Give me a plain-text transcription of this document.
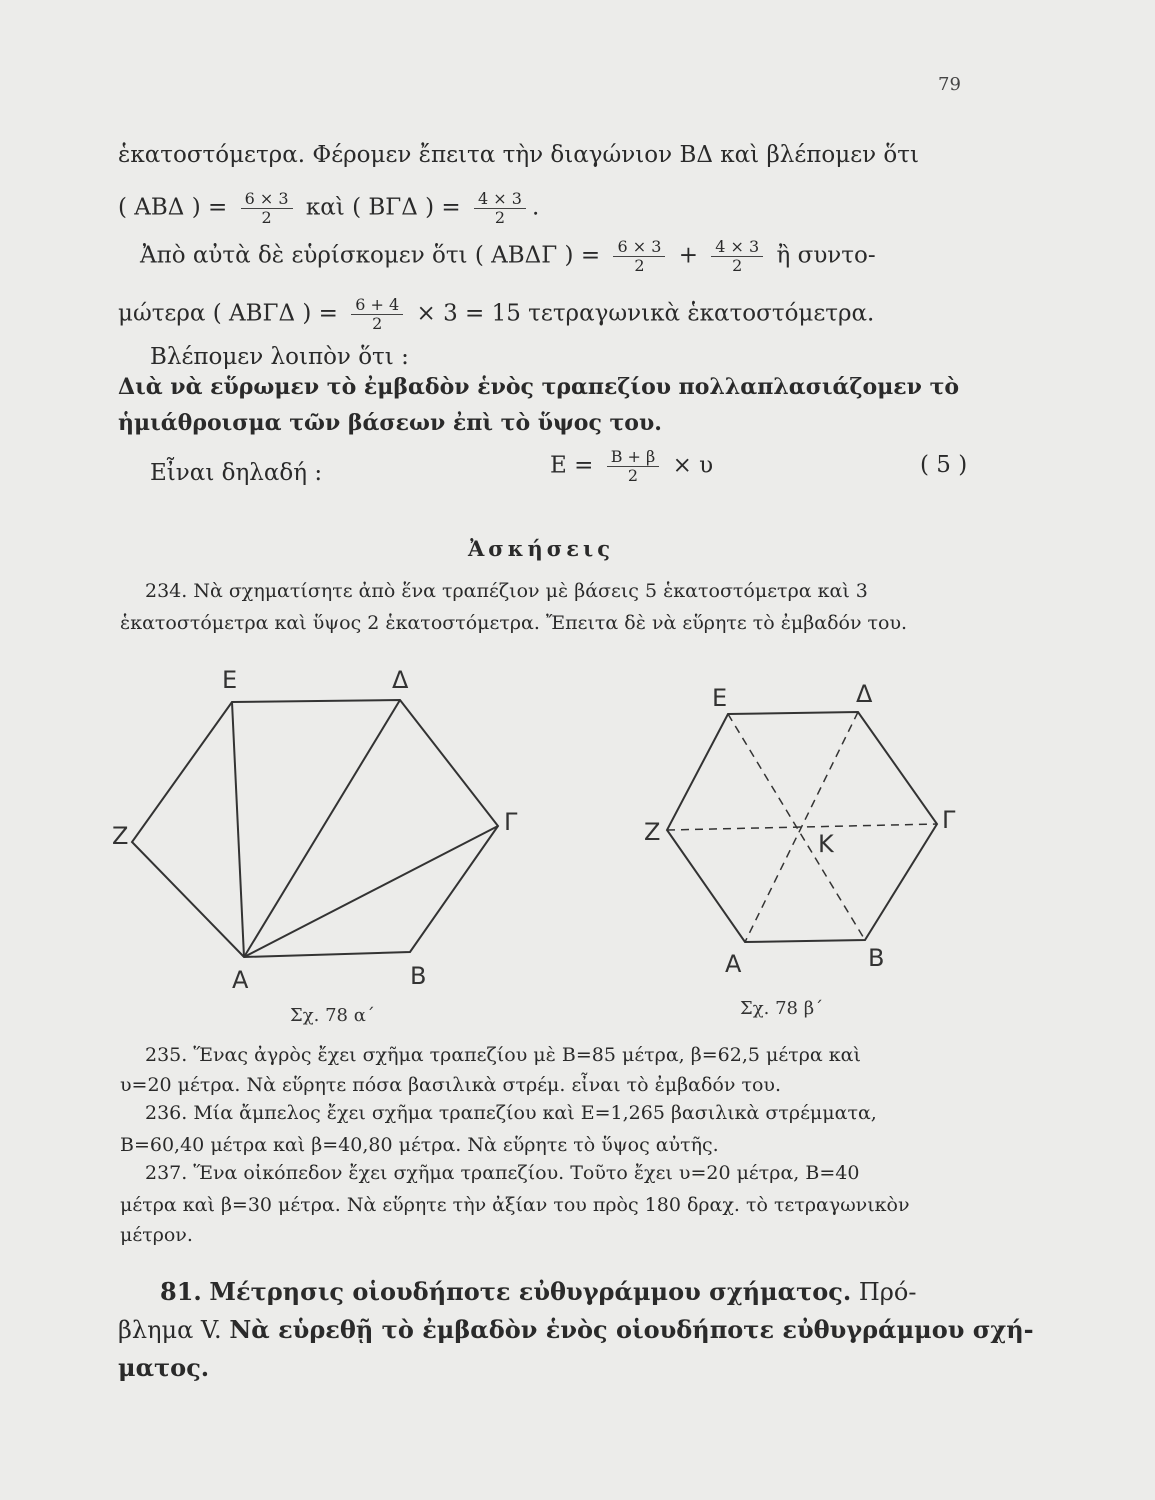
79
ἑκατοστόμετρα. Φέρομεν ἔπειτα τὴν διαγώνιον ΒΔ καὶ βλέπομεν ὅτι
( ΑΒΔ ) = $\frac{6 \times 3}{2}$ καὶ ( ΒΓΔ ) = $\frac{4 \times 3}{2}$ .
Ἀπὸ αὐτὰ δὲ εὑρίσκομεν ὅτι ( ΑΒΔΓ ) = $\frac{6 \times 3}{2} + \frac{4 \times 3}{2}$ ἢ συντο-
μώτερα ( ΑΒΓΔ ) = $\frac{6 + 4}{2} \times 3 = 15$ τετραγωνικὰ ἑκατοστόμετρα.
Βλέπομεν λοιπὸν ὅτι :
Διὰ νὰ εὕρωμεν τὸ ἐμβαδὸν ἑνὸς τραπεζίου πολλαπλασιάζομεν τὸ
ἡμιάθροισμα τῶν βάσεων ἐπὶ τὸ ὕψος του.
Εἶναι δηλαδή :	$E = \frac{B + \beta}{2} \times \upsilon$	( 5 )
Ἀσκήσεις
234. Νὰ σχηματίσητε ἀπὸ ἕνα τραπέζιον μὲ βάσεις 5 ἑκατοστόμετρα καὶ 3
ἑκατοστόμετρα καὶ ὕψος 2 ἑκατοστόμετρα. Ἔπειτα δὲ νὰ εὕρητε τὸ ἐμβαδόν του.
Ε	Δ
Ζ	Γ
Α	Β
Σχ. 78 α΄
Ε	Δ
Ζ	Γ
Κ
Α	Β
Σχ. 78 β΄
235. Ἕνας ἀγρὸς ἔχει σχῆμα τραπεζίου μὲ Β=85 μέτρα, β=62,5 μέτρα καὶ
υ=20 μέτρα. Νὰ εὕρητε πόσα βασιλικὰ στρέμ. εἶναι τὸ ἐμβαδόν του.
236. Μία ἄμπελος ἔχει σχῆμα τραπεζίου καὶ Ε=1,265 βασιλικὰ στρέμματα,
Β=60,40 μέτρα καὶ β=40,80 μέτρα. Νὰ εὕρητε τὸ ὕψος αὐτῆς.
237. Ἕνα οἰκόπεδον ἔχει σχῆμα τραπεζίου. Τοῦτο ἔχει υ=20 μέτρα, Β=40
μέτρα καὶ β=30 μέτρα. Νὰ εὕρητε τὴν ἀξίαν του πρὸς 180 δραχ. τὸ τετραγωνικὸν
μέτρον.
81. Μέτρησις οἱουδήποτε εὐθυγράμμου σχήματος. Πρό-
βλημα V. Νὰ εὑρεθῇ τὸ ἐμβαδὸν ἑνὸς οἱουδήποτε εὐθυγράμμου σχή-
ματος.
